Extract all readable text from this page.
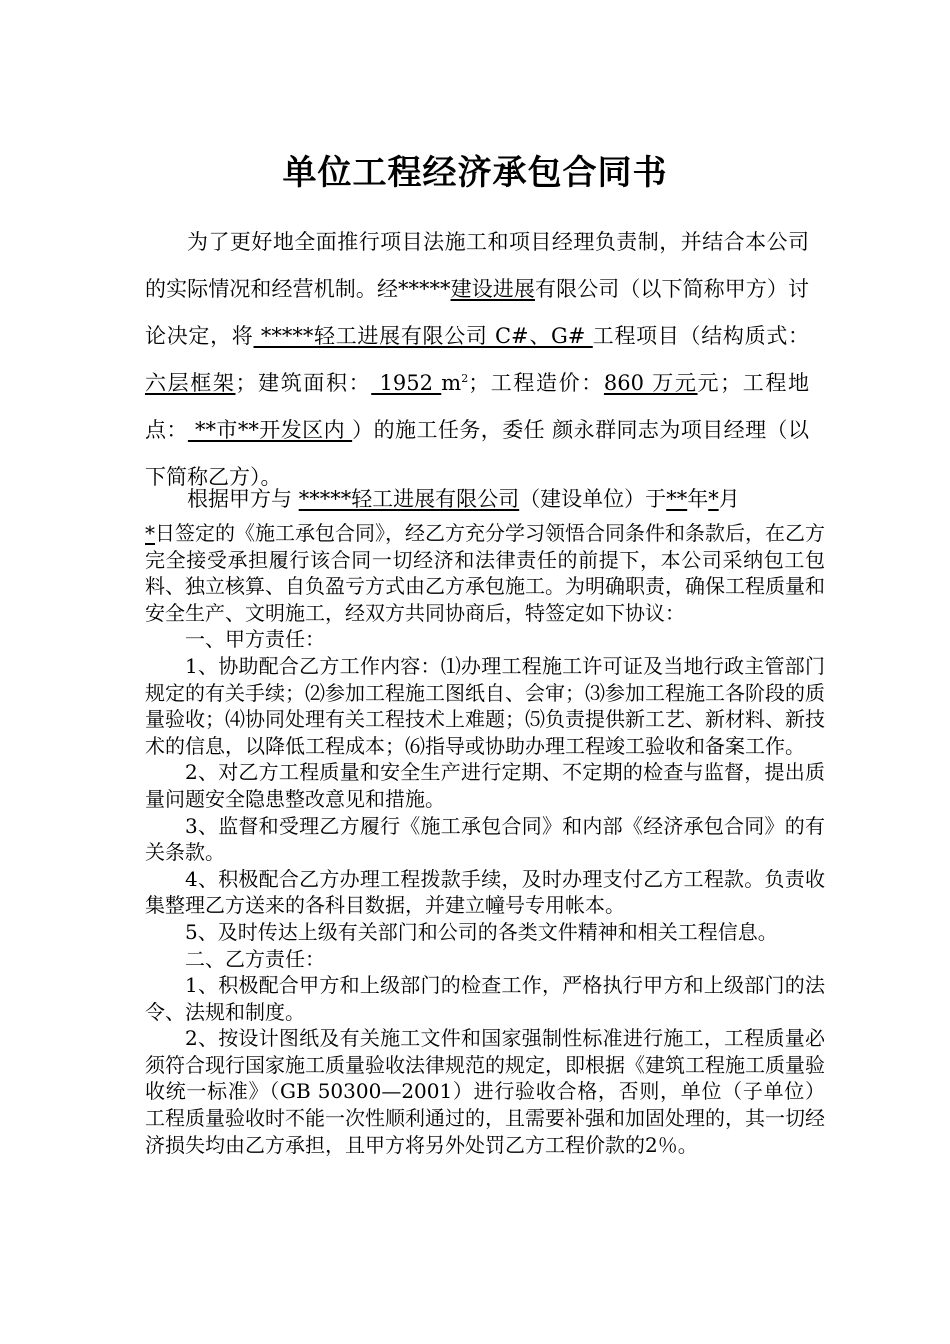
单位工程经济承包合同书

为了更好地全面推行项目法施工和项目经理负责制，并结合本公司的实际情况和经营机制。经*****建设进展有限公司（以下简称甲方）讨论决定，将 *****轻工进展有限公司 C#、G# 工程项目（结构质式：六层框架；建筑面积： 1952 $m^2$；工程造价：860 万元元；工程地点： **市**开发区内 ）的施工任务，委任 颜永群同志为项目经理（以下简称乙方）。

根据甲方与 *****轻工进展有限公司（建设单位）于**年*月

*日签定的《施工承包合同》，经乙方充分学习领悟合同条件和条款后，在乙方完全接受承担履行该合同一切经济和法律责任的前提下，本公司采纳包工包料、独立核算、自负盈亏方式由乙方承包施工。为明确职责，确保工程质量和安全生产、文明施工，经双方共同协商后，特签定如下协议：

一、甲方责任：

1、协助配合乙方工作内容：⑴办理工程施工许可证及当地行政主管部门规定的有关手续；⑵参加工程施工图纸自、会审；⑶参加工程施工各阶段的质量验收；⑷协同处理有关工程技术上难题；⑸负责提供新工艺、新材料、新技术的信息，以降低工程成本；⑹指导或协助办理工程竣工验收和备案工作。

2、对乙方工程质量和安全生产进行定期、不定期的检查与监督，提出质量问题安全隐患整改意见和措施。

3、监督和受理乙方履行《施工承包合同》和内部《经济承包合同》的有关条款。

4、积极配合乙方办理工程拨款手续，及时办理支付乙方工程款。负责收集整理乙方送来的各科目数据，并建立幢号专用帐本。

5、及时传达上级有关部门和公司的各类文件精神和相关工程信息。

二、乙方责任：

1、积极配合甲方和上级部门的检查工作，严格执行甲方和上级部门的法令、法规和制度。

2、按设计图纸及有关施工文件和国家强制性标准进行施工，工程质量必须符合现行国家施工质量验收法律规范的规定，即根据《建筑工程施工质量验收统一标准》（GB 50300—2001）进行验收合格，否则，单位（子单位）工程质量验收时不能一次性顺利通过的，且需要补强和加固处理的，其一切经济损失均由乙方承担，且甲方将另外处罚乙方工程价款的2％。
